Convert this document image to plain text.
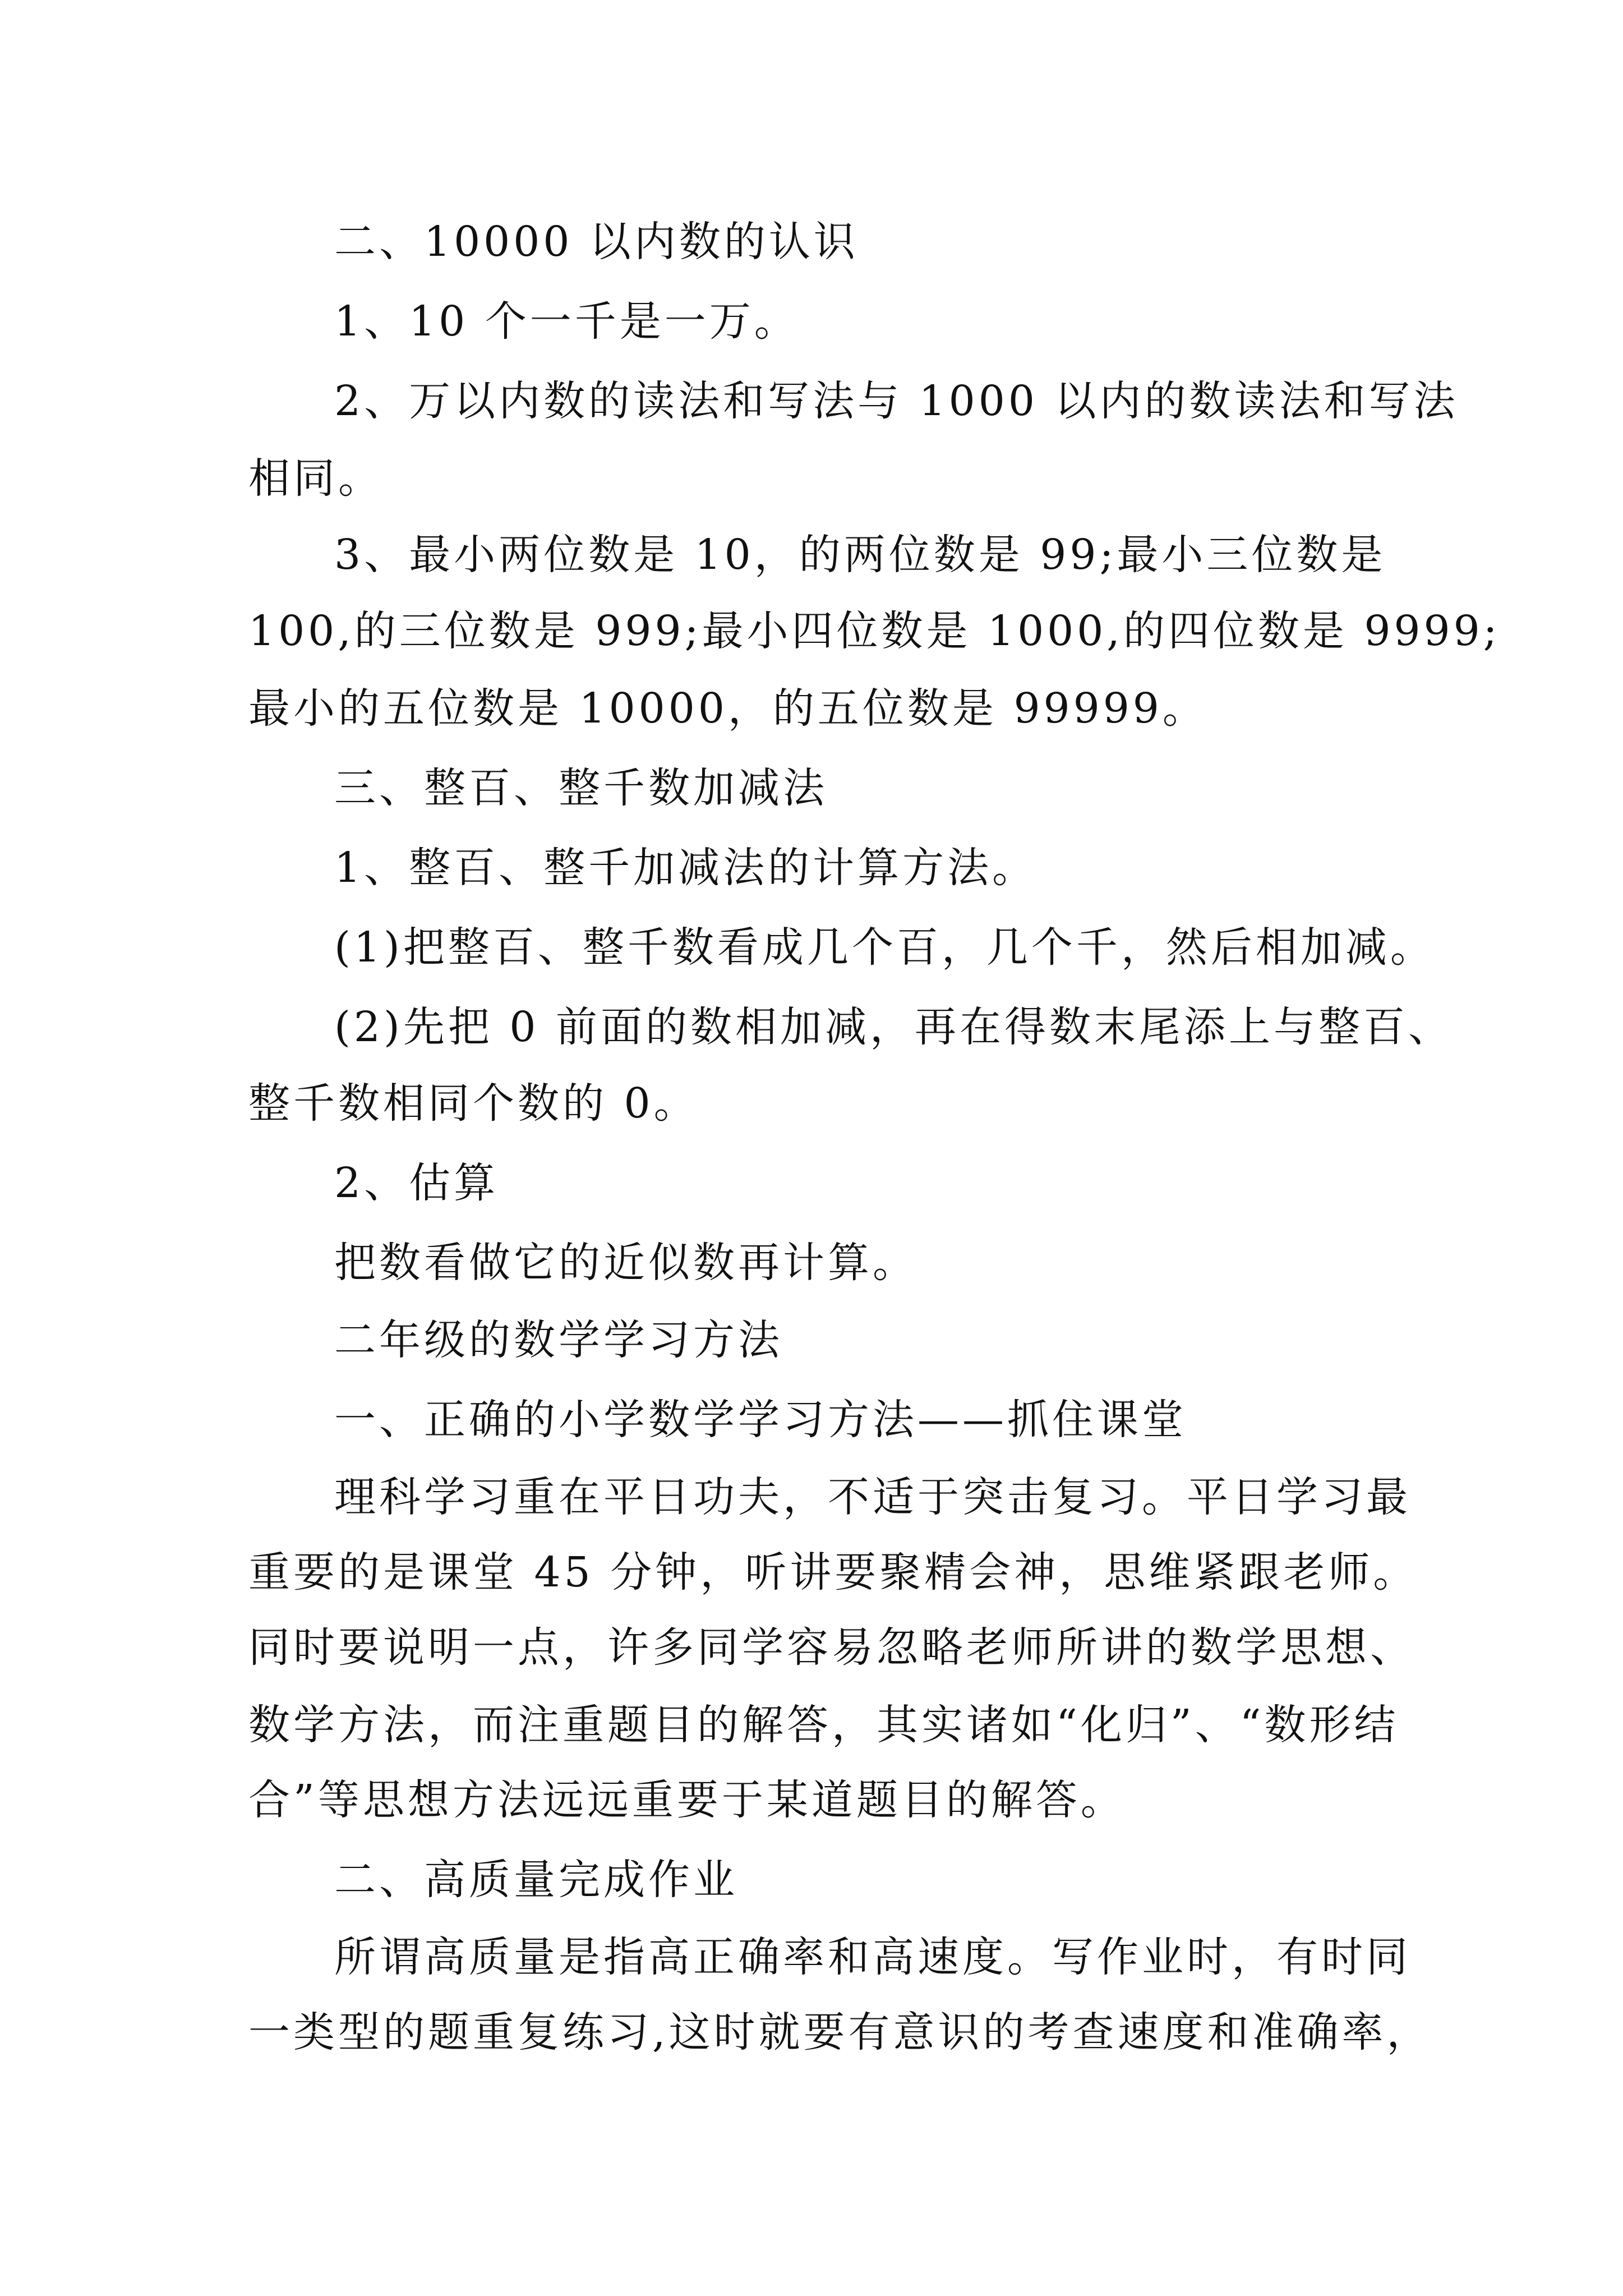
二、10000 以内数的认识

1、10 个一千是一万。

2、万以内数的读法和写法与 1000 以内的数读法和写法

相同。

3、最小两位数是 10，的两位数是 99;最小三位数是

100,的三位数是 999;最小四位数是 1000,的四位数是 9999;

最小的五位数是 10000，的五位数是 99999。

三、整百、整千数加减法

1、整百、整千加减法的计算方法。

(1)把整百、整千数看成几个百，几个千，然后相加减。

(2)先把 0 前面的数相加减，再在得数末尾添上与整百、

整千数相同个数的 0。

2、估算

把数看做它的近似数再计算。

二年级的数学学习方法

一、正确的小学数学学习方法——抓住课堂

理科学习重在平日功夫，不适于突击复习。平日学习最

重要的是课堂 45 分钟，听讲要聚精会神，思维紧跟老师。

同时要说明一点，许多同学容易忽略老师所讲的数学思想、

数学方法，而注重题目的解答，其实诸如“化归”、“数形结

合”等思想方法远远重要于某道题目的解答。

二、高质量完成作业

所谓高质量是指高正确率和高速度。写作业时，有时同

一类型的题重复练习,这时就要有意识的考查速度和准确率，
